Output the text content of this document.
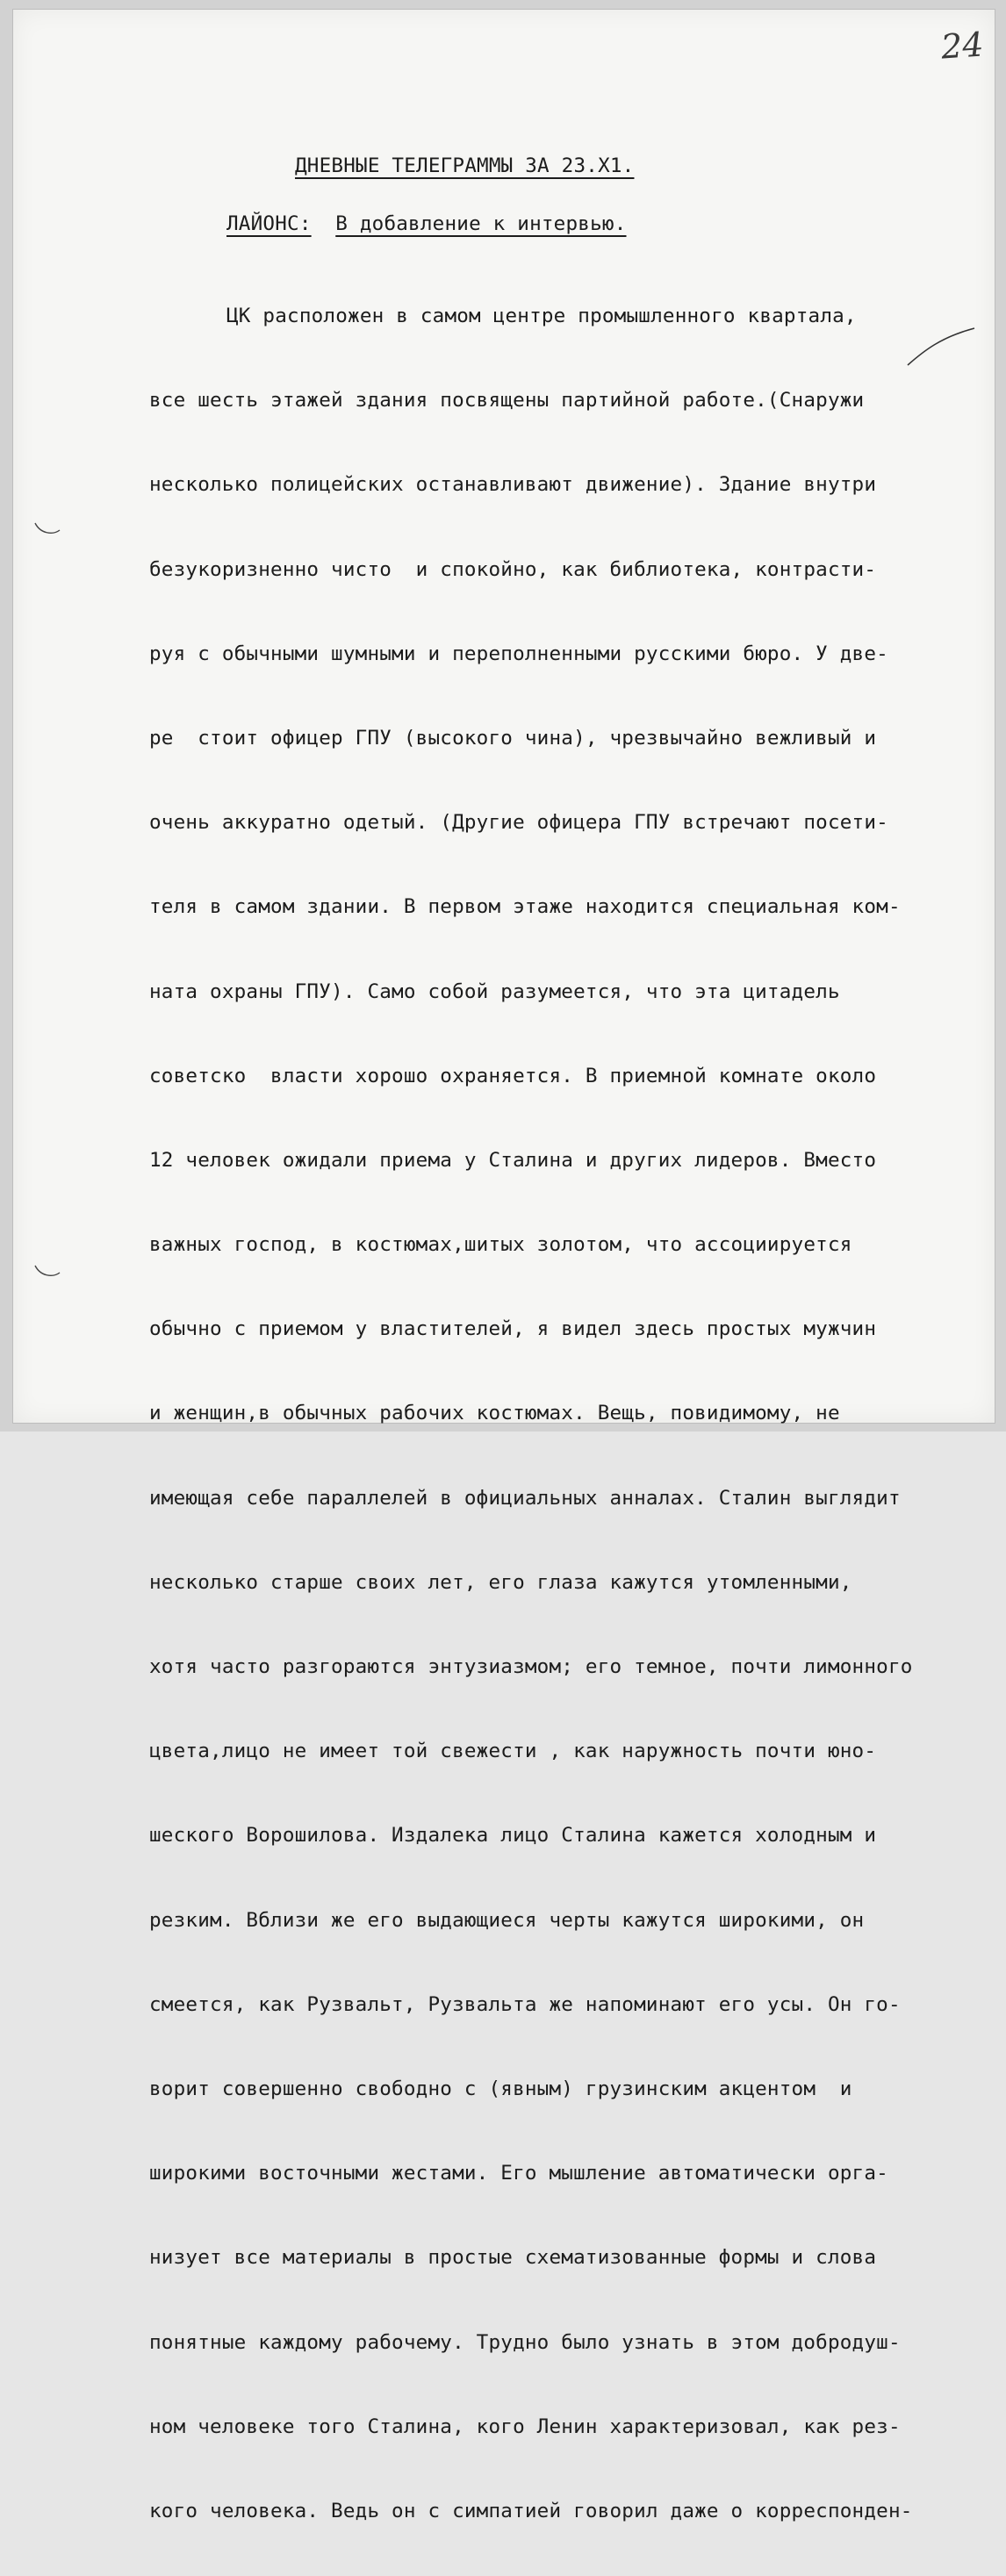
24
ДНЕВНЫЕ ТЕЛЕГРАММЫ ЗА 23.Х1.
ЛАЙОНС: В добавление к интервью.

ЦК расположен в самом центре промышленного квартала,

все шесть этажей здания посвящены партийной работе.(Снаружи

несколько полицейских останавливают движение). Здание внутри

безукоризненно чисто  и спокойно, как библиотека, контрасти-

руя с обычными шумными и переполненными русскими бюро. У две-

ре  стоит офицер ГПУ (высокого чина), чрезвычайно вежливый и

очень аккуратно одетый. (Другие офицера ГПУ встречают посети-

теля в самом здании. В первом этаже находится специальная ком-

ната охраны ГПУ). Само собой разумеется, что эта цитадель

советско  власти хорошо охраняется. В приемной комнате около

12 человек ожидали приема у Сталина и других лидеров. Вместо

важных господ, в костюмах,шитых золотом, что ассоциируется

обычно с приемом у властителей, я видел здесь простых мужчин

и женщин,в обычных рабочих костюмах. Вещь, повидимому, не

имеющая себе параллелей в официальных анналах. Сталин выглядит

несколько старше своих лет, его глаза кажутся утомленными,

хотя часто разгораются энтузиазмом; его темное, почти лимонного

цвета,лицо не имеет той свежести , как наружность почти юно-

шеского Ворошилова. Издалека лицо Сталина кажется холодным и

резким. Вблизи же его выдающиеся черты кажутся широкими, он

смеется, как Рузвальт, Рузвальта же напоминают его усы. Он го-

ворит совершенно свободно с (явным) грузинским акцентом  и

широкими восточными жестами. Его мышление автоматически орга-

низует все материалы в простые схематизованные формы и слова

понятные каждому рабочему. Трудно было узнать в этом добродуш-

ном человеке того Сталина, кого Ленин характеризовал, как рез-

кого человека. Ведь он с симпатией говорил даже о корреспонден-
